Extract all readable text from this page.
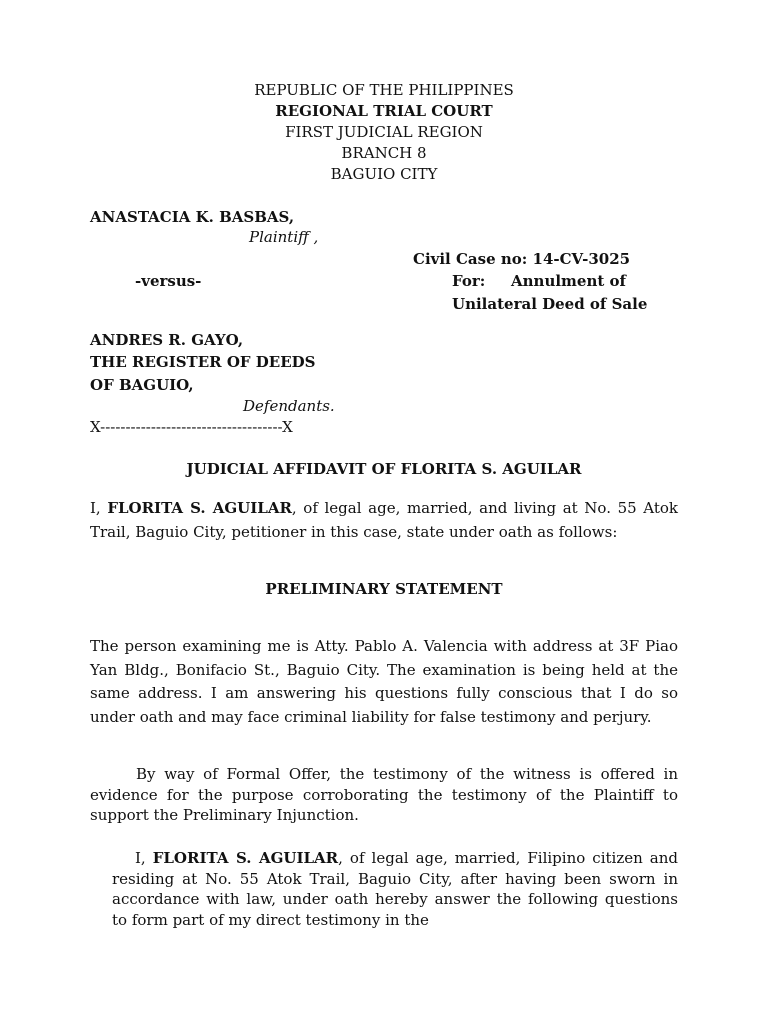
REPUBLIC OF THE PHILIPPINES
REGIONAL TRIAL COURT
FIRST JUDICIAL REGION
BRANCH 8
BAGUIO CITY
ANASTACIA K. BASBAS,
Plaintiff ,
Civil Case no: 14-CV-3025
-versus-	For: Annulment of
Unilateral Deed of Sale
ANDRES R. GAYO,
THE REGISTER OF DEEDS
OF BAGUIO,
Defendants.
X------------------------------------X
JUDICIAL AFFIDAVIT OF FLORITA S. AGUILAR

I, FLORITA S. AGUILAR, of legal age, married, and living at No. 55 Atok Trail, Baguio City, petitioner in this case, state under oath as follows:

PRELIMINARY STATEMENT

The person examining me is Atty. Pablo A. Valencia with address at 3F Piao Yan Bldg., Bonifacio St., Baguio City. The examination is being held at the same address. I am answering his questions fully conscious that I do so under oath and may face criminal liability for false testimony and perjury.

By way of Formal Offer, the testimony of the witness is offered in evidence for the purpose corroborating the testimony of the Plaintiff to support the Preliminary Injunction.

I, FLORITA S. AGUILAR, of legal age, married, Filipino citizen and residing at No. 55 Atok Trail, Baguio City, after having been sworn in accordance with law, under oath hereby answer the following questions to form part of my direct testimony in the
